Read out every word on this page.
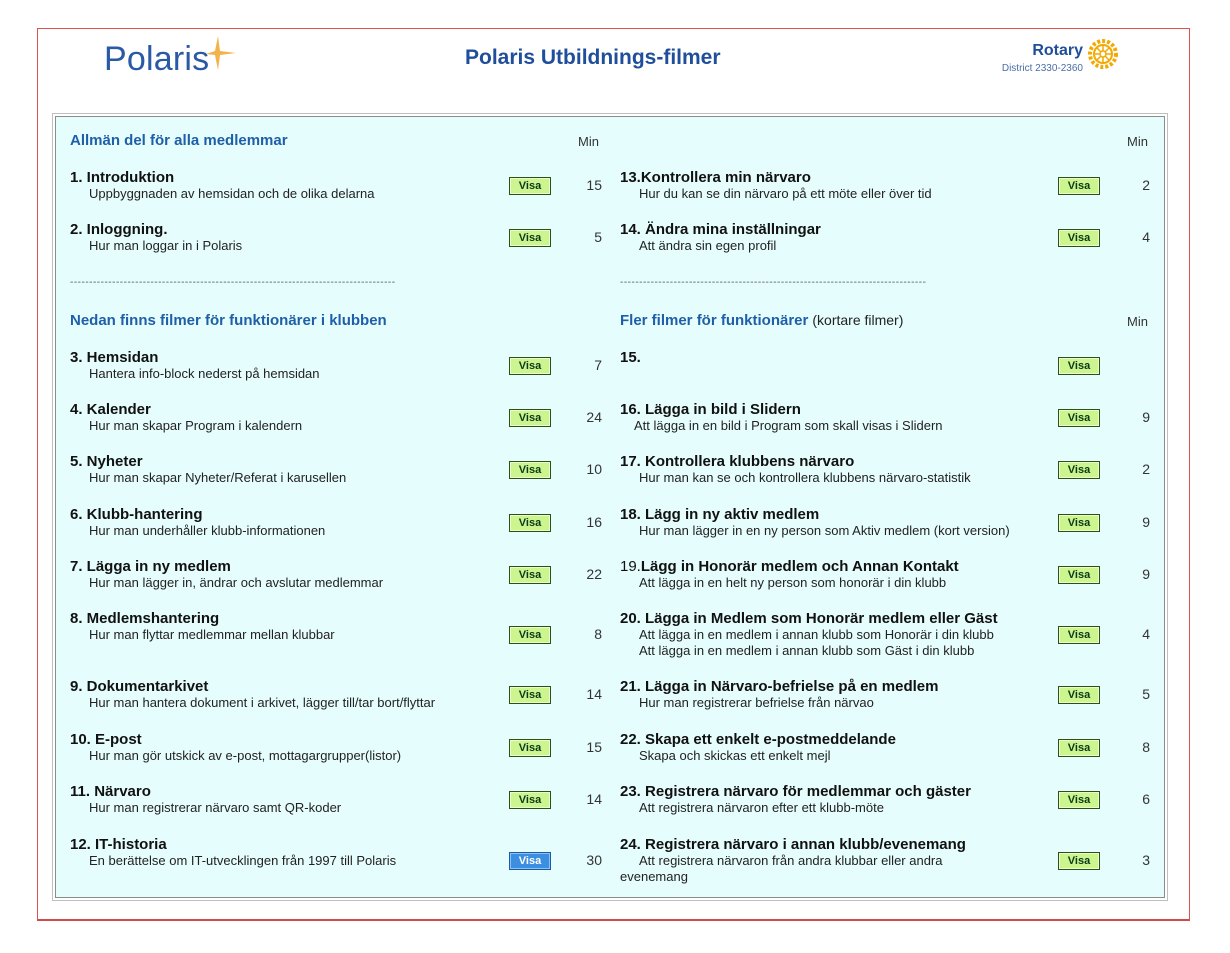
Polaris	Polaris Utbildnings-filmer	Rotary
District 2330-2360
Allmän del för alla medlemmar	Min
1. Introduktion
Uppbyggnaden av hemsidan och de olika delarna	Visa	15
2. Inloggning.
Hur man loggar in i Polaris	Visa	5
-------------------------------------------------------------------------------------
Nedan finns filmer för funktionärer i klubben
3. Hemsidan
Hantera info-block nederst på hemsidan	Visa	7
4. Kalender
Hur man skapar Program i kalendern	Visa	24
5. Nyheter
Hur man skapar Nyheter/Referat i karusellen	Visa	10
6. Klubb-hantering
Hur man underhåller klubb-informationen	Visa	16
7. Lägga in ny medlem
Hur man lägger in, ändrar och avslutar medlemmar	Visa	22
8. Medlemshantering
Hur man flyttar medlemmar mellan klubbar	Visa	8
9. Dokumentarkivet
Hur man hantera dokument i arkivet, lägger till/tar bort/flyttar	Visa	14
10. E-post
Hur man gör utskick av e-post, mottagargrupper(listor)	Visa	15
11. Närvaro
Hur man registrerar närvaro samt QR-koder	Visa	14
12. IT-historia
En berättelse om IT-utvecklingen från 1997 till Polaris	Visa	30
Min
13.Kontrollera min närvaro
Hur du kan se din närvaro på ett möte eller över tid	Visa	2
14. Ändra mina inställningar
Att ändra sin egen profil	Visa	4
--------------------------------------------------------------------------------
Fler filmer för funktionärer (kortare filmer)	Min
15.	Visa
16. Lägga in bild i Slidern
Att lägga in en bild i Program som skall visas i Slidern	Visa	9
17. Kontrollera klubbens närvaro
Hur man kan se och kontrollera klubbens närvaro-statistik	Visa	2
18. Lägg in ny aktiv medlem
Hur man lägger in en ny person som Aktiv medlem (kort version)	Visa	9
19.Lägg in Honorär medlem och Annan Kontakt
Att lägga in en helt ny person som honorär i din klubb	Visa	9
20. Lägga in Medlem som Honorär medlem eller Gäst
Att lägga in en medlem i annan klubb som Honorär i din klubb
Att lägga in en medlem i annan klubb som Gäst i din klubb
Visa	4
21. Lägga in Närvaro-befrielse på en medlem
Hur man registrerar befrielse från närvao	Visa	5
22. Skapa ett enkelt e-postmeddelande
Skapa och skickas ett enkelt mejl	Visa	8
23. Registrera närvaro för medlemmar och gäster
Att registrera närvaron efter ett klubb-möte	Visa	6
24. Registrera närvaro i annan klubb/evenemang
Att registrera närvaron från andra klubbar eller andra evenemang
Visa	3
